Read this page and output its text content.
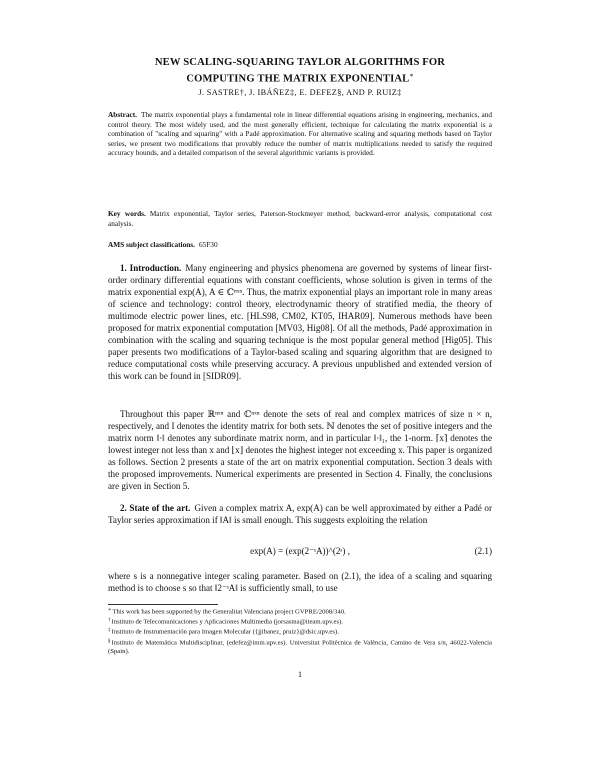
NEW SCALING-SQUARING TAYLOR ALGORITHMS FOR
COMPUTING THE MATRIX EXPONENTIAL∗
J. SASTRE†, J. IBÁÑEZ‡, E. DEFEZ§, AND P. RUIZ‡
Abstract. The matrix exponential plays a fundamental role in linear differential equations arising in engineering, mechanics, and control theory. The most widely used, and the most generally efficient, technique for calculating the matrix exponential is a combination of "scaling and squaring" with a Padé approximation. For alternative scaling and squaring methods based on Taylor series, we present two modifications that provably reduce the number of matrix multiplications needed to satisfy the required accuracy bounds, and a detailed comparison of the several algorithmic variants is provided.
Key words. Matrix exponential, Taylor series, Paterson-Stockmeyer method, backward-error analysis, computational cost analysis.
AMS subject classifications. 65F30
1. Introduction. Many engineering and physics phenomena are governed by systems of linear first-order ordinary differential equations with constant coefficients, whose solution is given in terms of the matrix exponential exp(A), A ∈ ℂⁿˣⁿ. Thus, the matrix exponential plays an important role in many areas of science and technology: control theory, electrodynamic theory of stratified media, the theory of multimode electric power lines, etc. [HLS98, CM02, KT05, IHAR09]. Numerous methods have been proposed for matrix exponential computation [MV03, Hig08]. Of all the methods, Padé approximation in combination with the scaling and squaring technique is the most popular general method [Hig05]. This paper presents two modifications of a Taylor-based scaling and squaring algorithm that are designed to reduce computational costs while preserving accuracy. A previous unpublished and extended version of this work can be found in [SIDR09].
Throughout this paper ℝⁿˣⁿ and ℂⁿˣⁿ denote the sets of real and complex matrices of size n × n, respectively, and I denotes the identity matrix for both sets. ℕ denotes the set of positive integers and the matrix norm ‖·‖ denotes any subordinate matrix norm, and in particular ‖·‖₁, the 1-norm. ⌈x⌉ denotes the lowest integer not less than x and ⌊x⌋ denotes the highest integer not exceeding x. This paper is organized as follows. Section 2 presents a state of the art on matrix exponential computation. Section 3 deals with the proposed improvements. Numerical experiments are presented in Section 4. Finally, the conclusions are given in Section 5.
2. State of the art. Given a complex matrix A, exp(A) can be well approximated by either a Padé or Taylor series approximation if ‖A‖ is small enough. This suggests exploiting the relation
exp(A) = (exp(2⁻ˢA))^(2ˢ) ,	(2.1)
where s is a nonnegative integer scaling parameter. Based on (2.1), the idea of a scaling and squaring method is to choose s so that ‖2⁻ˢA‖ is sufficiently small, to use
∗This work has been supported by the Generalitat Valenciana project GVPRE/2008/340.
†Instituto de Telecomunicaciones y Aplicaciones Multimedia (jorsasma@iteam.upv.es).
‡Instituto de Instrumentación para Imagen Molecular ({jjibanez, pruiz}@dsic.upv.es).
§Instituto de Matemática Multidisciplinar, (edefez@imm.upv.es). Universitat Politècnica de València, Camino de Vera s/n, 46022-Valencia (Spain).
1
